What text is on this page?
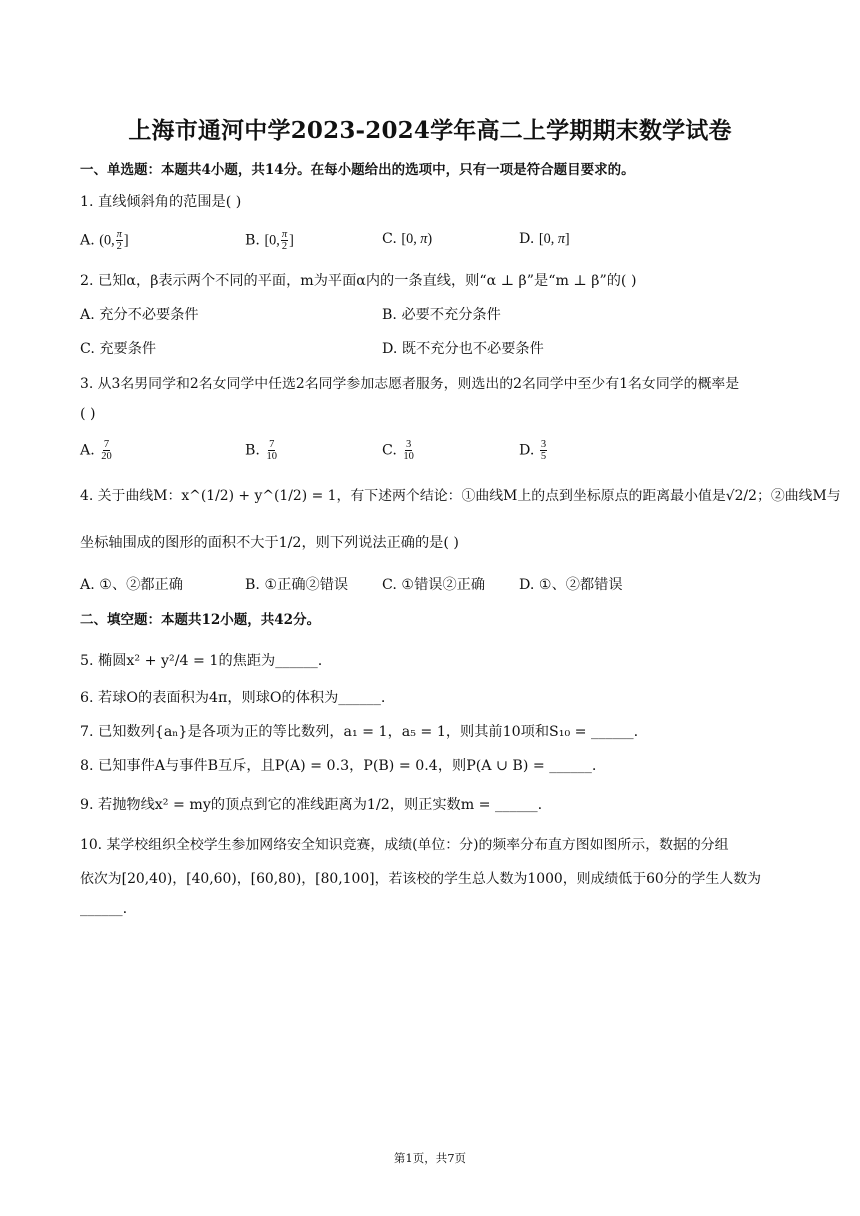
上海市通河中学2023-2024学年高二上学期期末数学试卷
一、单选题：本题共4小题，共14分。在每小题给出的选项中，只有一项是符合题目要求的。
1. 直线倾斜角的范围是( )
A. (0, $\frac{\pi}{2}$ ]	B. [0, $\frac{\pi}{2}$ ]	C. [0, π)	D. [0, π]
2. 已知α，β表示两个不同的平面，m为平面α内的一条直线，则“α ⊥ β”是“m ⊥ β”的( )
A. 充分不必要条件	B. 必要不充分条件
C. 充要条件	D. 既不充分也不必要条件
3. 从3名男同学和2名女同学中任选2名同学参加志愿者服务，则选出的2名同学中至少有1名女同学的概率是
( )
A. $\frac{7}{20}$	B. $\frac{7}{10}$	C. $\frac{3}{10}$	D. $\frac{3}{5}$
4. 关于曲线M：x^(1/2) + y^(1/2) = 1，有下述两个结论：①曲线M上的点到坐标原点的距离最小值是√2/2；②曲线M与
坐标轴围成的图形的面积不大于1/2，则下列说法正确的是( )
A. ①、②都正确	B. ①正确②错误 C. ①错误②正确 D. ①、②都错误
二、填空题：本题共12小题，共42分。
5. 椭圆x² + y²/4 = 1的焦距为______.
6. 若球O的表面积为4π，则球O的体积为______.
7. 已知数列{aₙ}是各项为正的等比数列，a₁ = 1，a₅ = 1，则其前10项和S₁₀ = ______.
8. 已知事件A与事件B互斥，且P(A) = 0.3，P(B) = 0.4，则P(A ∪ B) = ______.
9. 若抛物线x² = my的顶点到它的准线距离为1/2，则正实数m = ______.
10. 某学校组织全校学生参加网络安全知识竞赛，成绩(单位：分)的频率分布直方图如图所示，数据的分组
依次为[20,40)，[40,60)，[60,80)，[80,100]，若该校的学生总人数为1000，则成绩低于60分的学生人数为
______.
第1页，共7页
